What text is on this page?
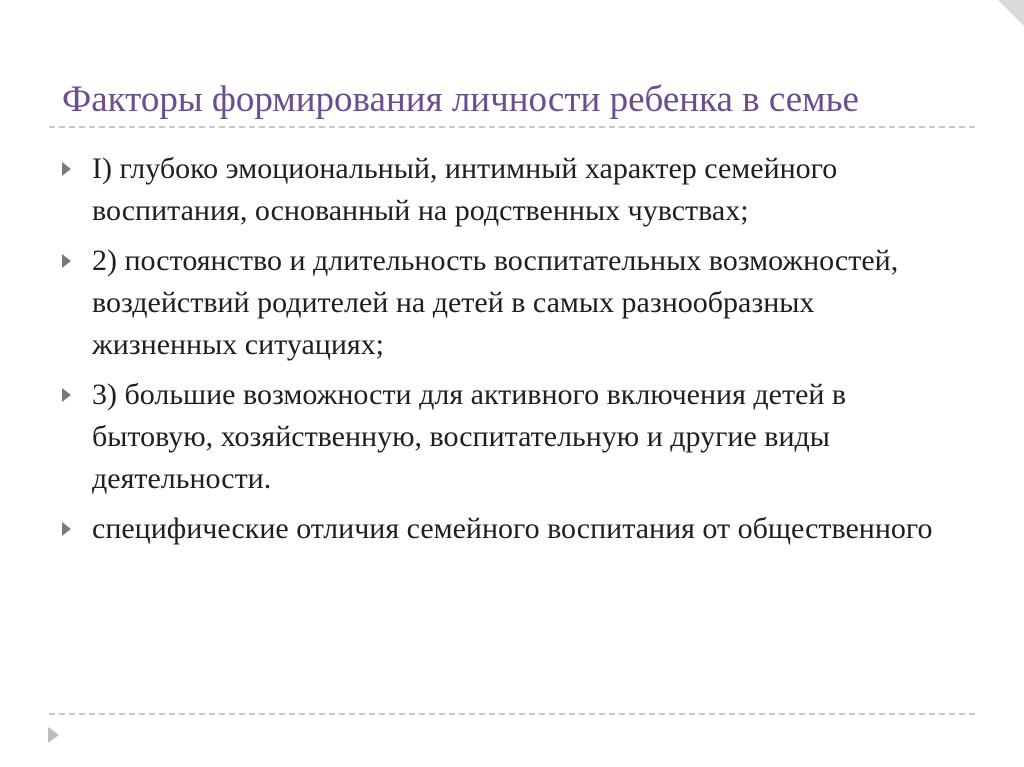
Факторы формирования личности ребенка в семье
I) глубоко эмоциональный, интимный характер семейного воспитания, основанный на родственных чувствах;
2) постоянство и длительность воспитательных возможностей, воздействий родителей на детей в самых разнообразных жизненных ситуациях;
3) большие возможности для активного включения детей в бытовую, хозяйственную, воспитательную и другие виды деятельности.
специфические отличия семейного воспитания от общественного
